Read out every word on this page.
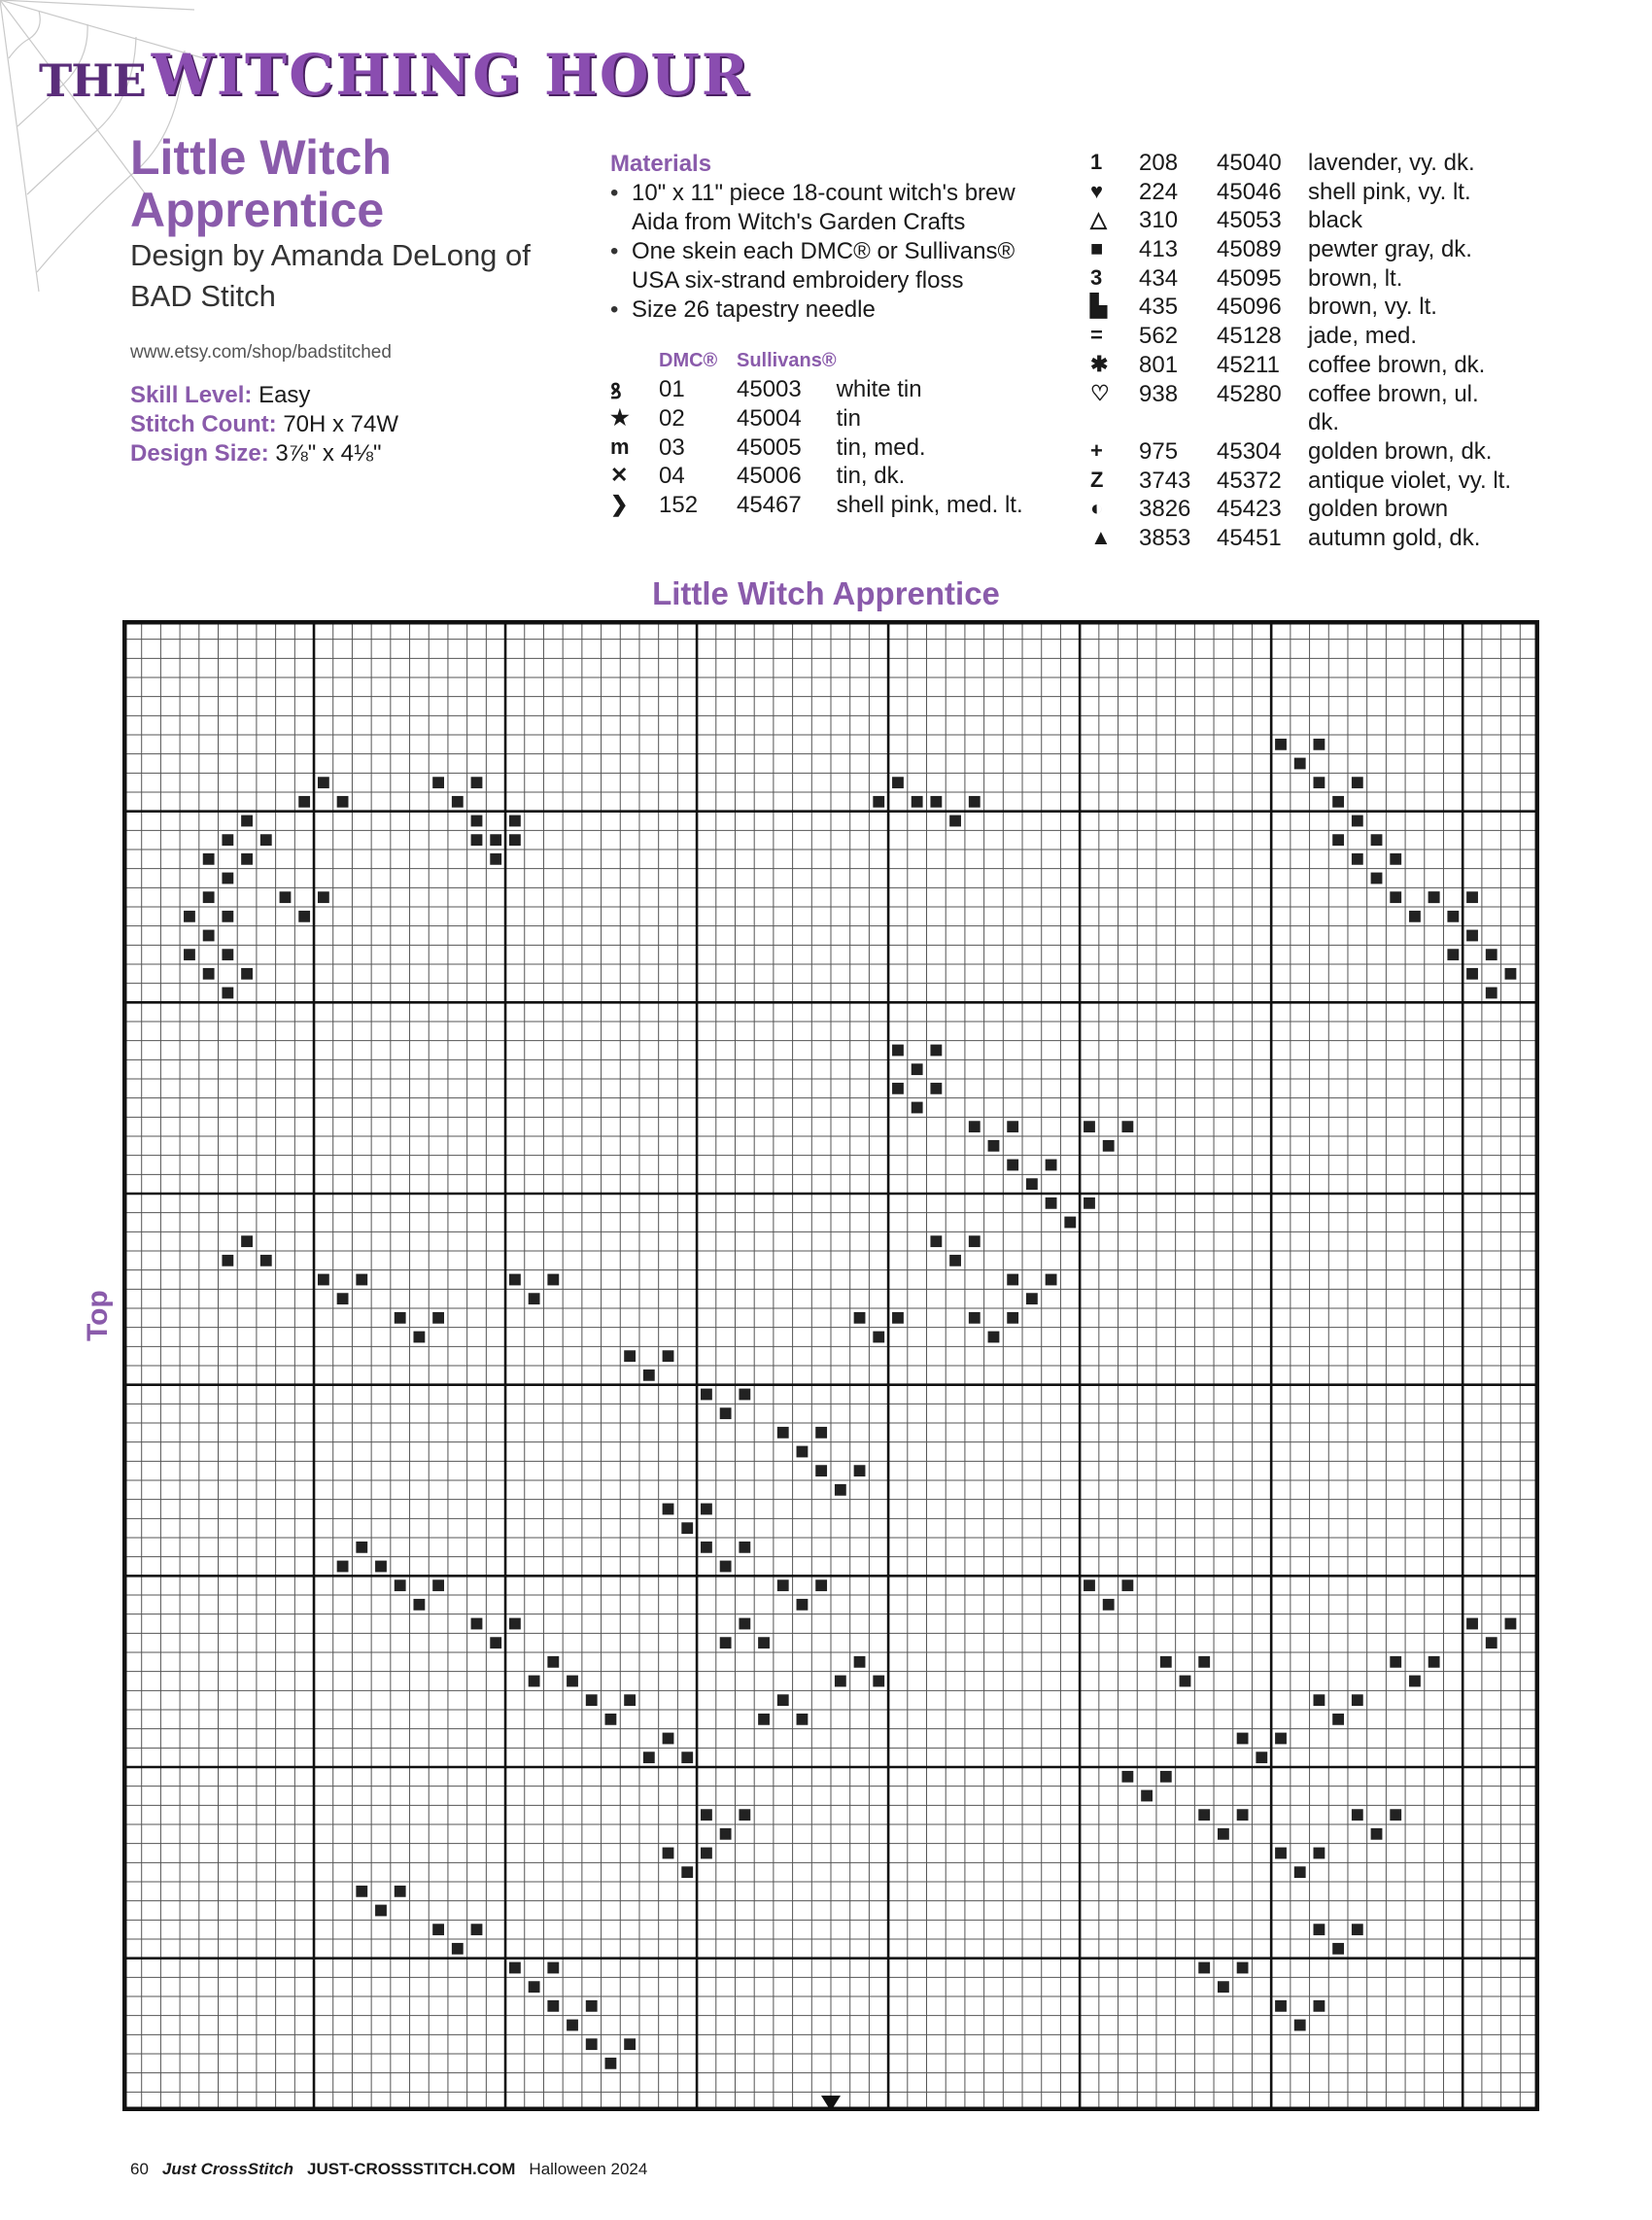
THE WITCHING HOUR
Little Witch Apprentice
Design by Amanda DeLong of BAD Stitch
www.etsy.com/shop/badstitched
Skill Level: Easy
Stitch Count: 70H x 74W
Design Size: 3⅞" x 4⅛"
Materials
• 10" x 11" piece 18-count witch's brew Aida from Witch's Garden Crafts
• One skein each DMC® or Sullivans® USA six-strand embroidery floss
• Size 26 tapestry needle
	DMC®	Sullivans®	
ꝸ	01	45003	white tin
★	02	45004	tin
m	03	45005	tin, med.
✕	04	45006	tin, dk.
❯	152	45467	shell pink, med. lt.
1	208	45040	lavender, vy. dk.
♥	224	45046	shell pink, vy. lt.
△	310	45053	black
■	413	45089	pewter gray, dk.
3	434	45095	brown, lt.
▙	435	45096	brown, vy. lt.
=	562	45128	jade, med.
✱	801	45211	coffee brown, dk.
♡	938	45280	coffee brown, ul.
			dk.
+	975	45304	golden brown, dk.
Z	3743	45372	antique violet, vy. lt.
◐	3826	45423	golden brown
▲	3853	45451	autumn gold, dk.
Little Witch Apprentice
Top
60 Just CrossStitch JUST-CROSSSTITCH.COM Halloween 2024
